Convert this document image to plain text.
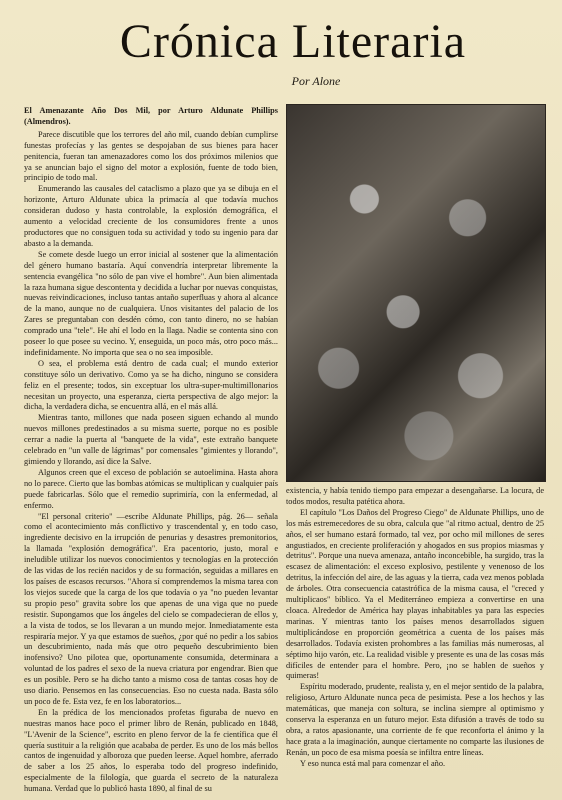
Crónica Literaria
Por Alone

El Amenazante Año Dos Mil, por Arturo Aldunate Phillips (Almendros).

Parece discutible que los terrores del año mil, cuando debían cumplirse funestas profecías y las gentes se despojaban de sus bienes para hacer penitencia, fueran tan amenazadores como los dos próximos milenios que ya se anuncian bajo el signo del motor a explosión, fuente de todo bien, principio de todo mal.

Enumerando las causales del cataclismo a plazo que ya se dibuja en el horizonte, Arturo Aldunate ubica la primacía al que todavía muchos consideran dudoso y hasta controlable, la explosión demográfica, el aumento a velocidad creciente de los consumidores frente a unos productores que no consiguen toda su actividad y todo su ingenio para dar abasto a la demanda.

Se comete desde luego un error inicial al sostener que la alimentación del género humano bastaría. Aquí convendría interpretar libremente la sentencia evangélica "no sólo de pan vive el hombre". Aun bien alimentada la raza humana sigue descontenta y decidida a luchar por nuevas conquistas, nuevas reivindicaciones, incluso tantas antaño superfluas y ahora al alcance de la mano, aunque no de cualquiera. Unos visitantes del palacio de los Zares se preguntaban con desdén cómo, con tanto dinero, no se habían comprado una "tele". He ahí el lodo en la llaga. Nadie se contenta sino con poseer lo que posee su vecino. Y, enseguida, un poco más, otro poco más... indefinidamente. No importa que sea o no sea imposible.

O sea, el problema está dentro de cada cual; el mundo exterior constituye sólo un derivativo. Como ya se ha dicho, ninguno se considera feliz en el presente; todos, sin exceptuar los ultra-super-multimillonarios necesitan un proyecto, una esperanza, cierta perspectiva de algo mejor: la dicha, la verdadera dicha, se encuentra allá, en el más allá.

Mientras tanto, millones que nada poseen siguen echando al mundo nuevos millones predestinados a su misma suerte, porque no es posible cerrar a nadie la puerta al "banquete de la vida", este extraño banquete celebrado en "un valle de lágrimas" por comensales "gimientes y llorando", gimiendo y llorando, así dice la Salve.

Algunos creen que el exceso de población se autoelimina. Hasta ahora no lo parece. Cierto que las bombas atómicas se multiplican y cualquier país puede fabricarlas. Sólo que el remedio suprimiría, con la enfermedad, al enfermo.

"El personal criterio" —escribe Aldunate Phillips, pág. 26— señala como el acontecimiento más conflictivo y trascendental y, en todo caso, ingrediente decisivo en la irrupción de penurias y desastres premonitorios, la llamada "explosión demográfica". Era pacentorio, justo, moral e ineludible utilizar los nuevos conocimientos y tecnologías en la protección de las vidas de los recién nacidos y de su formación, seguidas a millares en los países de escasos recursos. "Ahora sí comprendemos la misma tarea con los viejos sucede que la carga de los que todavía o ya "no pueden levantar su propio peso" gravita sobre los que apenas de una viga que no puede resistir. Supongamos que los ángeles del cielo se compadecieran de ellos y, a la vista de todos, se los llevaran a un mundo mejor. Inmediatamente esta respiraría mejor. Y ya que estamos de sueños, ¿por qué no pedir a los sabios un descubrimiento, nada más que otro pequeño descubrimiento bien inofensivo? Uno pilotea que, oportunamente consumida, determinara a voluntad de los padres el sexo de la nueva criatura por engendrar. Bien que es un posible. Pero se ha dicho tanto a mismo cosa de tantas cosas hoy de uso diario. Pensemos en las consecuencias. Eso no cuesta nada. Basta sólo un poco de fe. Esta vez, fe en los laboratorios...

En la prédica de los mencionados profetas figuraba de nuevo en nuestras manos hace poco el primer libro de Renán, publicado en 1848, "L'Avenir de la Science", escrito en pleno fervor de la fe científica que él quería sustituir a la religión que acababa de perder. Es uno de los más bellos cantos de ingenuidad y alboroza que pueden leerse. Aquel hombre, aferrado de saber a los 25 años, lo esperaba todo del progreso indefinido, especialmente de la filología, que guarda el secreto de la naturaleza humana. Verdad que lo publicó hasta 1890, al final de su

existencia, y había tenido tiempo para empezar a desengañarse. La locura, de todos modos, resulta patética ahora.

El capítulo "Los Daños del Progreso Ciego" de Aldunate Phillips, uno de los más estremecedores de su obra, calcula que "al ritmo actual, dentro de 25 años, el ser humano estará formado, tal vez, por ocho mil millones de seres angustiados, en creciente proliferación y ahogados en sus propios miasmas y detritus". Porque una nueva amenaza, antaño inconcebible, ha surgido, tras la escasez de alimentación: el exceso explosivo, pestilente y venenoso de los detritus, la infección del aire, de las aguas y la tierra, cada vez menos poblada de árboles. Otra consecuencia catastrófica de la misma causa, el "creced y multiplicaos" bíblico. Ya el Mediterráneo empieza a convertirse en una cloaca. Alrededor de América hay playas inhabitables ya para las especies marinas. Y mientras tanto los países menos desarrollados siguen multiplicándose en proporción geométrica a cuenta de los países más desarrollados. Todavía existen prohombres a las familias más numerosas, al séptimo hijo varón, etc. La realidad visible y presente es una de las cosas más difíciles de entender para el hombre. Pero, ¡no se hablen de sueños y quimeras!

Espíritu moderado, prudente, realista y, en el mejor sentido de la palabra, religioso, Arturo Aldunate nunca peca de pesimista. Pese a los hechos y las matemáticas, que maneja con soltura, se inclina siempre al optimismo y conserva la esperanza en un futuro mejor. Esta difusión a través de todo su obra, a ratos apasionante, una corriente de fe que reconforta el ánimo y la hace grata a la imaginación, aunque ciertamente no comparte las ilusiones de Renán, un poco de esa misma poesía se infiltra entre líneas.

Y eso nunca está mal para comenzar el año.
